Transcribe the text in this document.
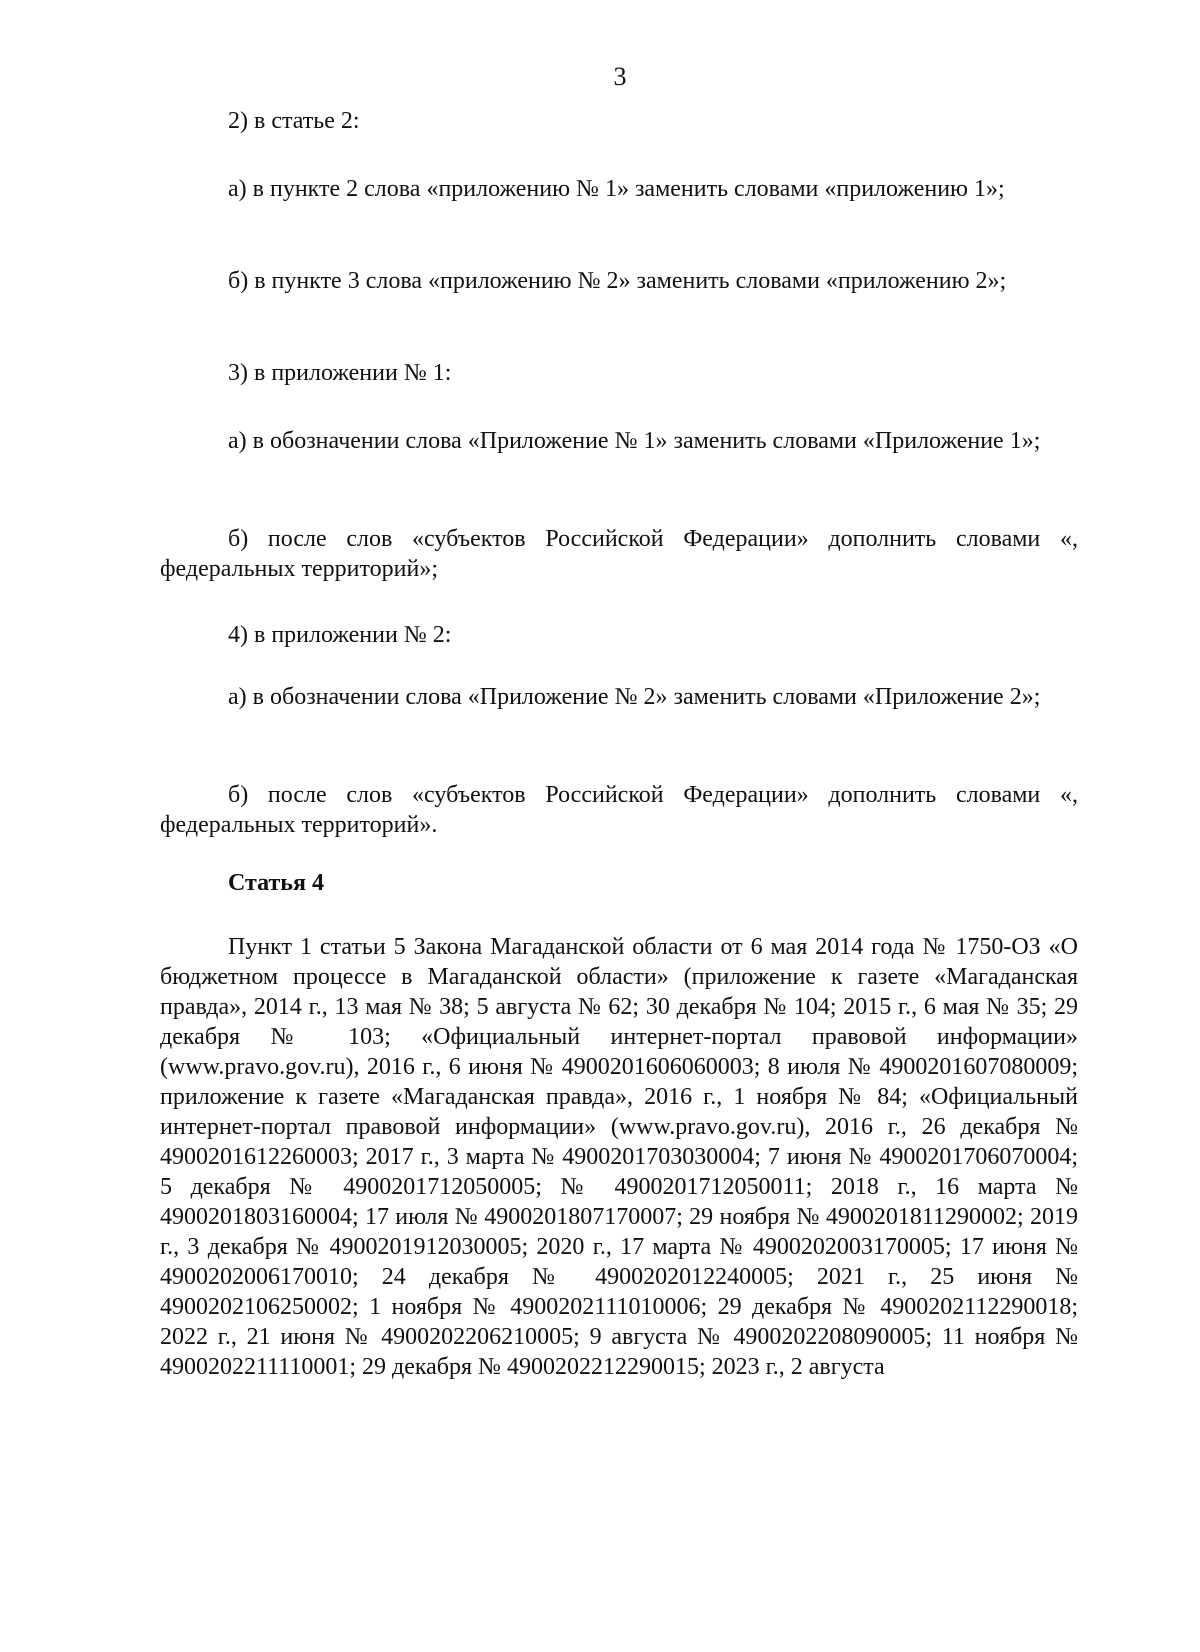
3

2) в статье 2:

а) в пункте 2 слова «приложению № 1» заменить словами «приложению 1»;

б) в пункте 3 слова «приложению № 2» заменить словами «приложению 2»;

3) в приложении № 1:

а) в обозначении слова «Приложение № 1» заменить словами «Приложение 1»;

б) после слов «субъектов Российской Федерации» дополнить словами «, федеральных территорий»;

4) в приложении № 2:

а) в обозначении слова «Приложение № 2» заменить словами «Приложение 2»;

б) после слов «субъектов Российской Федерации» дополнить словами «, федеральных территорий».

Статья 4

Пункт 1 статьи 5 Закона Магаданской области от 6 мая 2014 года № 1750-ОЗ «О бюджетном процессе в Магаданской области» (приложение к газете «Магаданская правда», 2014 г., 13 мая № 38; 5 августа № 62; 30 декабря № 104; 2015 г., 6 мая № 35; 29 декабря № 103; «Официальный интернет-портал правовой информации» (www.pravo.gov.ru), 2016 г., 6 июня № 4900201606060003; 8 июля № 4900201607080009; приложение к газете «Магаданская правда», 2016 г., 1 ноября № 84; «Официальный интернет-портал правовой информации» (www.pravo.gov.ru), 2016 г., 26 декабря № 4900201612260003; 2017 г., 3 марта № 4900201703030004; 7 июня № 4900201706070004; 5 декабря № 4900201712050005; № 4900201712050011; 2018 г., 16 марта № 4900201803160004; 17 июля № 4900201807170007; 29 ноября № 4900201811290002; 2019 г., 3 декабря № 4900201912030005; 2020 г., 17 марта № 4900202003170005; 17 июня № 4900202006170010; 24 декабря № 4900202012240005; 2021 г., 25 июня № 4900202106250002; 1 ноября № 4900202111010006; 29 декабря № 4900202112290018; 2022 г., 21 июня № 4900202206210005; 9 августа № 4900202208090005; 11 ноября № 4900202211110001; 29 декабря № 4900202212290015; 2023 г., 2 августа
